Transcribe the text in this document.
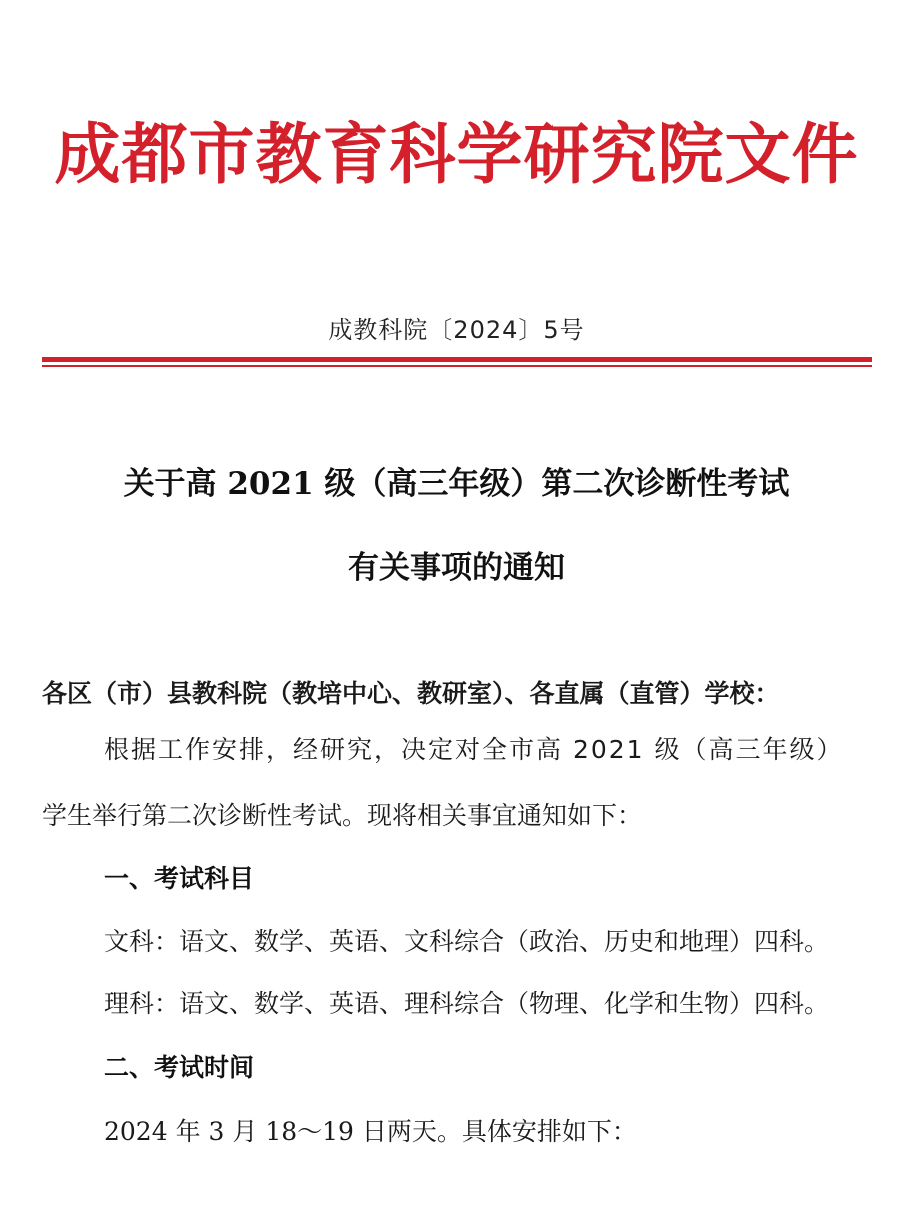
成都市教育科学研究院文件
成教科院〔2024〕5号
关于高 2021 级（高三年级）第二次诊断性考试
有关事项的通知
各区（市）县教科院（教培中心、教研室）、各直属（直管）学校：
根据工作安排，经研究，决定对全市高 2021 级（高三年级）
学生举行第二次诊断性考试。现将相关事宜通知如下：
一、考试科目
文科：语文、数学、英语、文科综合（政治、历史和地理）四科。
理科：语文、数学、英语、理科综合（物理、化学和生物）四科。
二、考试时间
2024 年 3 月 18～19 日两天。具体安排如下：
